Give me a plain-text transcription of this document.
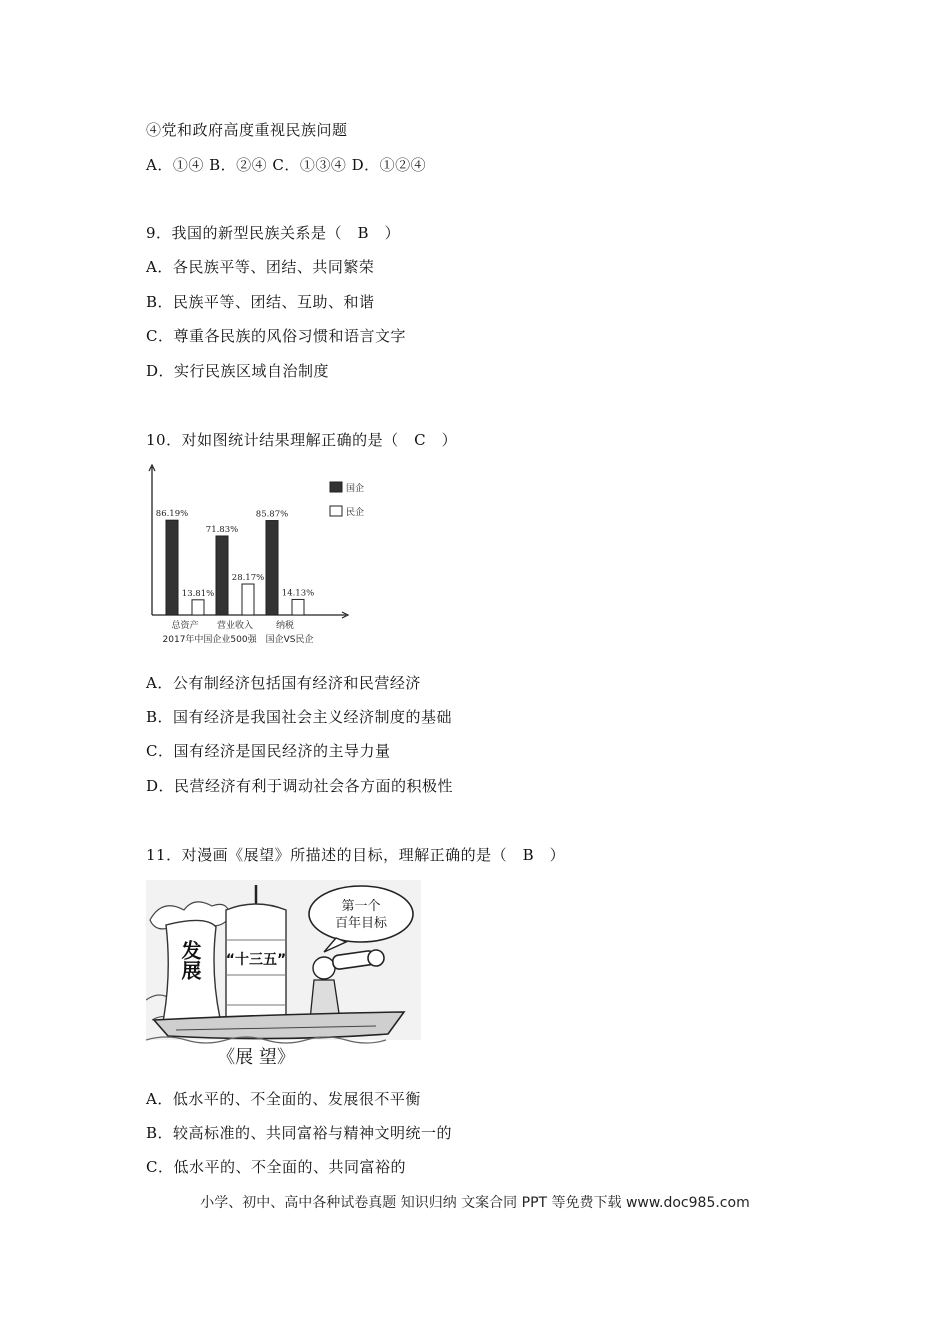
④党和政府高度重视民族问题
A．①④ B．②④ C．①③④ D．①②④
9．我国的新型民族关系是（　B　）
A．各民族平等、团结、共同繁荣
B．民族平等、团结、互助、和谐
C．尊重各民族的风俗习惯和语言文字
D．实行民族区域自治制度
10．对如图统计结果理解正确的是（　C　）
86.19%
13.81%
总资产
71.83%
28.17%
营业收入
85.87%
14.13%
纳税
2017年中国企业500强　国企VS民企
国企
民企
A．公有制经济包括国有经济和民营经济
B．国有经济是我国社会主义经济制度的基础
C．国有经济是国民经济的主导力量
D．民营经济有利于调动社会各方面的积极性
11．对漫画《展望》所描述的目标，理解正确的是（　B　）
发展 “十三五”
第一个
百年目标
《展 望》
A．低水平的、不全面的、发展很不平衡
B．较高标准的、共同富裕与精神文明统一的
C．低水平的、不全面的、共同富裕的
小学、初中、高中各种试卷真题 知识归纳 文案合同 PPT 等免费下载 www.doc985.com
